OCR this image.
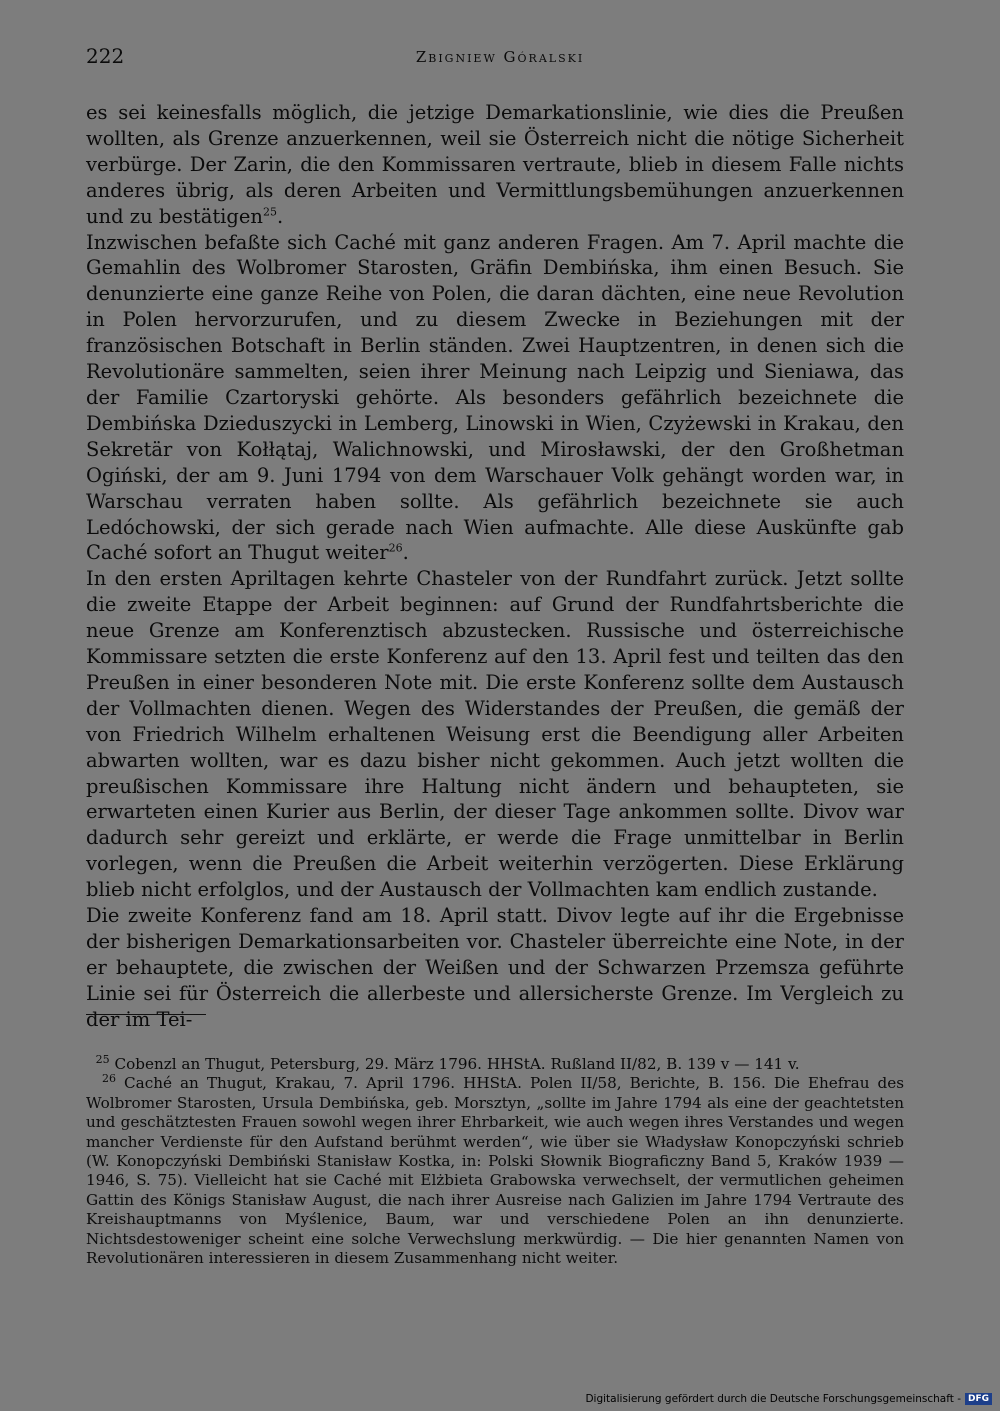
222	Zbigniew Góralski

es sei keinesfalls möglich, die jetzige Demarkationslinie, wie dies die Preußen wollten, als Grenze anzuerkennen, weil sie Österreich nicht die nötige Sicherheit verbürge. Der Zarin, die den Kommissaren vertraute, blieb in diesem Falle nichts anderes übrig, als deren Arbeiten und Vermittlungsbemühungen anzuerkennen und zu bestätigen$^{25}$.

Inzwischen befaßte sich Caché mit ganz anderen Fragen. Am 7. April machte die Gemahlin des Wolbromer Starosten, Gräfin Dembińska, ihm einen Besuch. Sie denunzierte eine ganze Reihe von Polen, die daran dächten, eine neue Revolution in Polen hervorzurufen, und zu diesem Zwecke in Beziehungen mit der französischen Botschaft in Berlin ständen. Zwei Hauptzentren, in denen sich die Revolutionäre sammelten, seien ihrer Meinung nach Leipzig und Sieniawa, das der Familie Czartoryski gehörte. Als besonders gefährlich bezeichnete die Dembińska Dzieduszycki in Lemberg, Linowski in Wien, Czyżewski in Krakau, den Sekretär von Kołłątaj, Walichnowski, und Mirosławski, der den Großhetman Ogiński, der am 9. Juni 1794 von dem Warschauer Volk gehängt worden war, in Warschau verraten haben sollte. Als gefährlich bezeichnete sie auch Ledóchowski, der sich gerade nach Wien aufmachte. Alle diese Auskünfte gab Caché sofort an Thugut weiter$^{26}$.

In den ersten Apriltagen kehrte Chasteler von der Rundfahrt zurück. Jetzt sollte die zweite Etappe der Arbeit beginnen: auf Grund der Rundfahrtsberichte die neue Grenze am Konferenztisch abzustecken. Russische und österreichische Kommissare setzten die erste Konferenz auf den 13. April fest und teilten das den Preußen in einer besonderen Note mit. Die erste Konferenz sollte dem Austausch der Vollmachten dienen. Wegen des Widerstandes der Preußen, die gemäß der von Friedrich Wilhelm erhaltenen Weisung erst die Beendigung aller Arbeiten abwarten wollten, war es dazu bisher nicht gekommen. Auch jetzt wollten die preußischen Kommissare ihre Haltung nicht ändern und behaupteten, sie erwarteten einen Kurier aus Berlin, der dieser Tage ankommen sollte. Divov war dadurch sehr gereizt und erklärte, er werde die Frage unmittelbar in Berlin vorlegen, wenn die Preußen die Arbeit weiterhin verzögerten. Diese Erklärung blieb nicht erfolglos, und der Austausch der Vollmachten kam endlich zustande.

Die zweite Konferenz fand am 18. April statt. Divov legte auf ihr die Ergebnisse der bisherigen Demarkationsarbeiten vor. Chasteler überreichte eine Note, in der er behauptete, die zwischen der Weißen und der Schwarzen Przemsza geführte Linie sei für Österreich die allerbeste und allersicherste Grenze. Im Vergleich zu der im Tei-

$^{25}$ Cobenzl an Thugut, Petersburg, 29. März 1796. HHStA. Rußland II/82, B. 139 v — 141 v.

$^{26}$ Caché an Thugut, Krakau, 7. April 1796. HHStA. Polen II/58, Berichte, B. 156. Die Ehefrau des Wolbromer Starosten, Ursula Dembińska, geb. Morsztyn, „sollte im Jahre 1794 als eine der geachtetsten und geschätztesten Frauen sowohl wegen ihrer Ehrbarkeit, wie auch wegen ihres Verstandes und wegen mancher Verdienste für den Aufstand berühmt werden“, wie über sie Władysław Konopczyński schrieb (W. Konopczyński Dembiński Stanisław Kostka, in: Polski Słownik Biograficzny Band 5, Kraków 1939 — 1946, S. 75). Vielleicht hat sie Caché mit Elżbieta Grabowska verwechselt, der vermutlichen geheimen Gattin des Königs Stanisław August, die nach ihrer Ausreise nach Galizien im Jahre 1794 Vertraute des Kreishauptmanns von Myślenice, Baum, war und verschiedene Polen an ihn denunzierte. Nichtsdestoweniger scheint eine solche Verwechslung merkwürdig. — Die hier genannten Namen von Revolutionären interessieren in diesem Zusammenhang nicht weiter.

Digitalisierung gefördert durch die Deutsche Forschungsgemeinschaft - DFG
